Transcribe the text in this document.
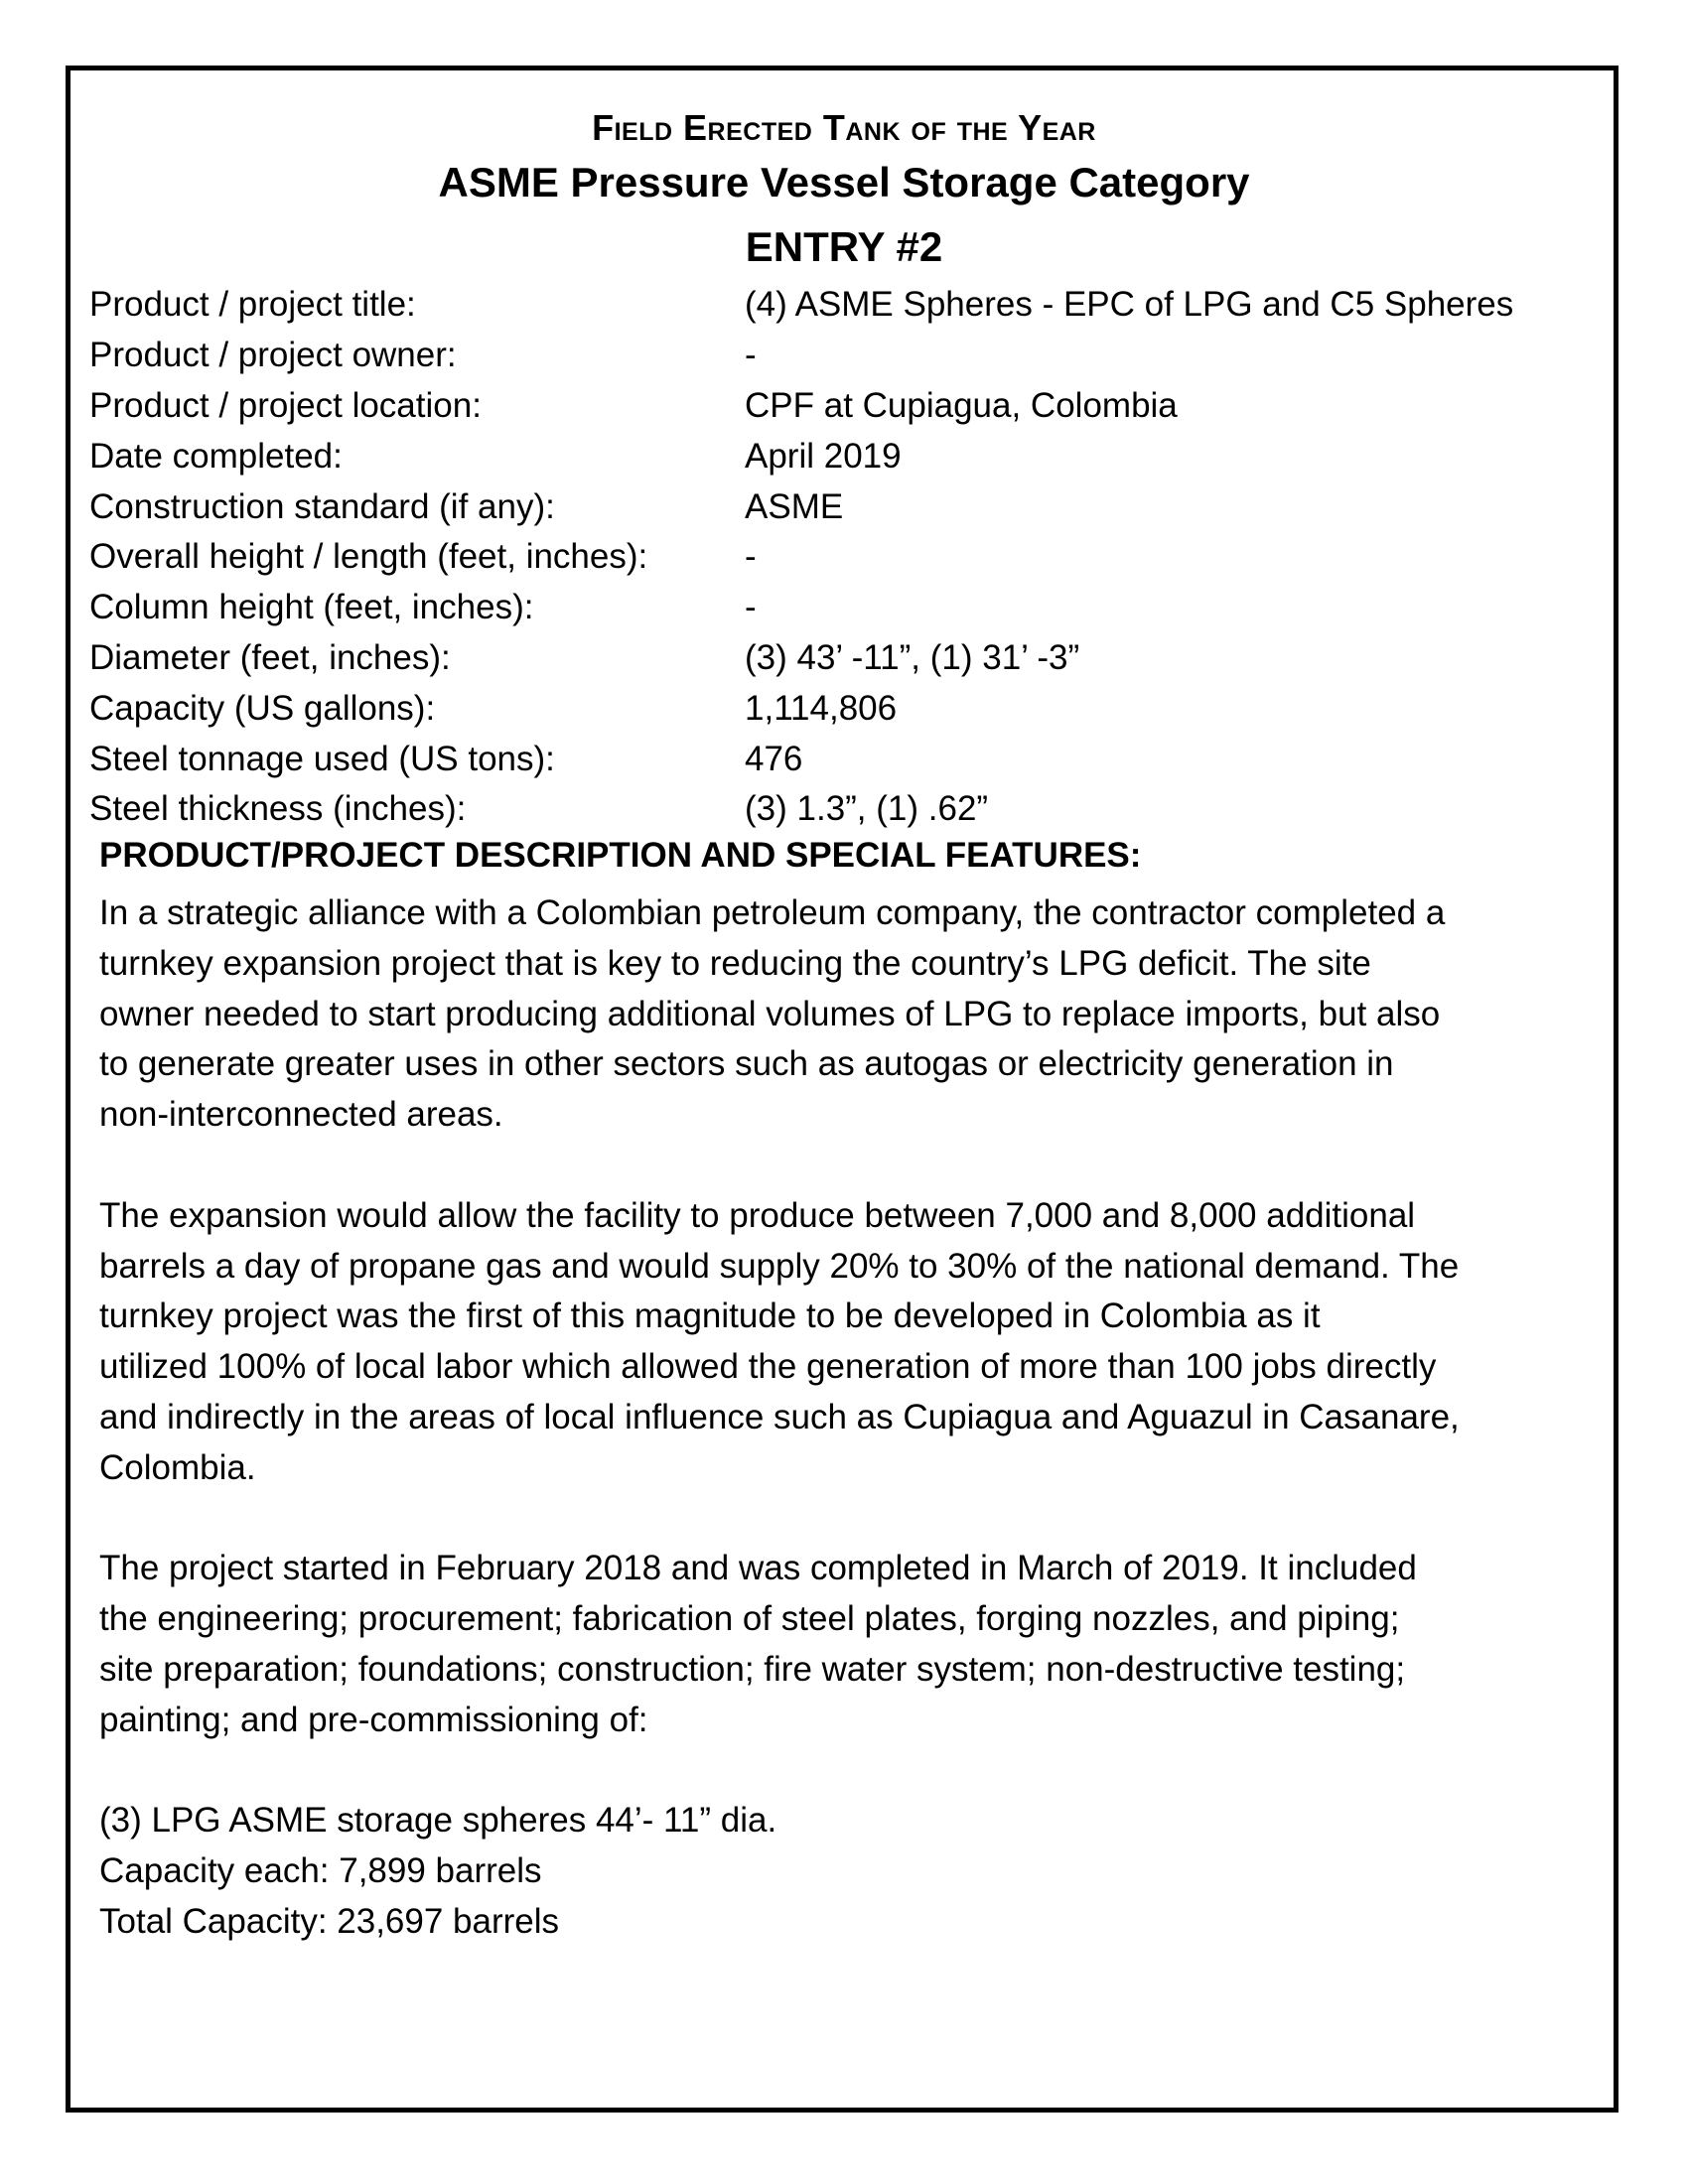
Field Erected Tank of the Year
ASME Pressure Vessel Storage Category
ENTRY #2
Product / project title:	(4) ASME Spheres - EPC of LPG and C5 Spheres
Product / project owner:	-
Product / project location:	CPF at Cupiagua, Colombia
Date completed:	April 2019
Construction standard (if any):	ASME
Overall height / length (feet, inches):	-
Column height (feet, inches):	-
Diameter (feet, inches):	(3) 43’ -11”, (1) 31’ -3”
Capacity (US gallons):	1,114,806
Steel tonnage used (US tons):	476
Steel thickness (inches):	(3) 1.3”, (1) .62”
PRODUCT/PROJECT DESCRIPTION AND SPECIAL FEATURES:
In a strategic alliance with a Colombian petroleum company, the contractor completed a
turnkey expansion project that is key to reducing the country’s LPG deficit. The site
owner needed to start producing additional volumes of LPG to replace imports, but also
to generate greater uses in other sectors such as autogas or electricity generation in
non-interconnected areas.
The expansion would allow the facility to produce between 7,000 and 8,000 additional
barrels a day of propane gas and would supply 20% to 30% of the national demand. The
turnkey project was the first of this magnitude to be developed in Colombia as it
utilized 100% of local labor which allowed the generation of more than 100 jobs directly
and indirectly in the areas of local influence such as Cupiagua and Aguazul in Casanare,
Colombia.
The project started in February 2018 and was completed in March of 2019. It included
the engineering; procurement; fabrication of steel plates, forging nozzles, and piping;
site preparation; foundations; construction; fire water system; non-destructive testing;
painting; and pre-commissioning of:
(3) LPG ASME storage spheres 44’- 11” dia.
Capacity each: 7,899 barrels
Total Capacity: 23,697 barrels
